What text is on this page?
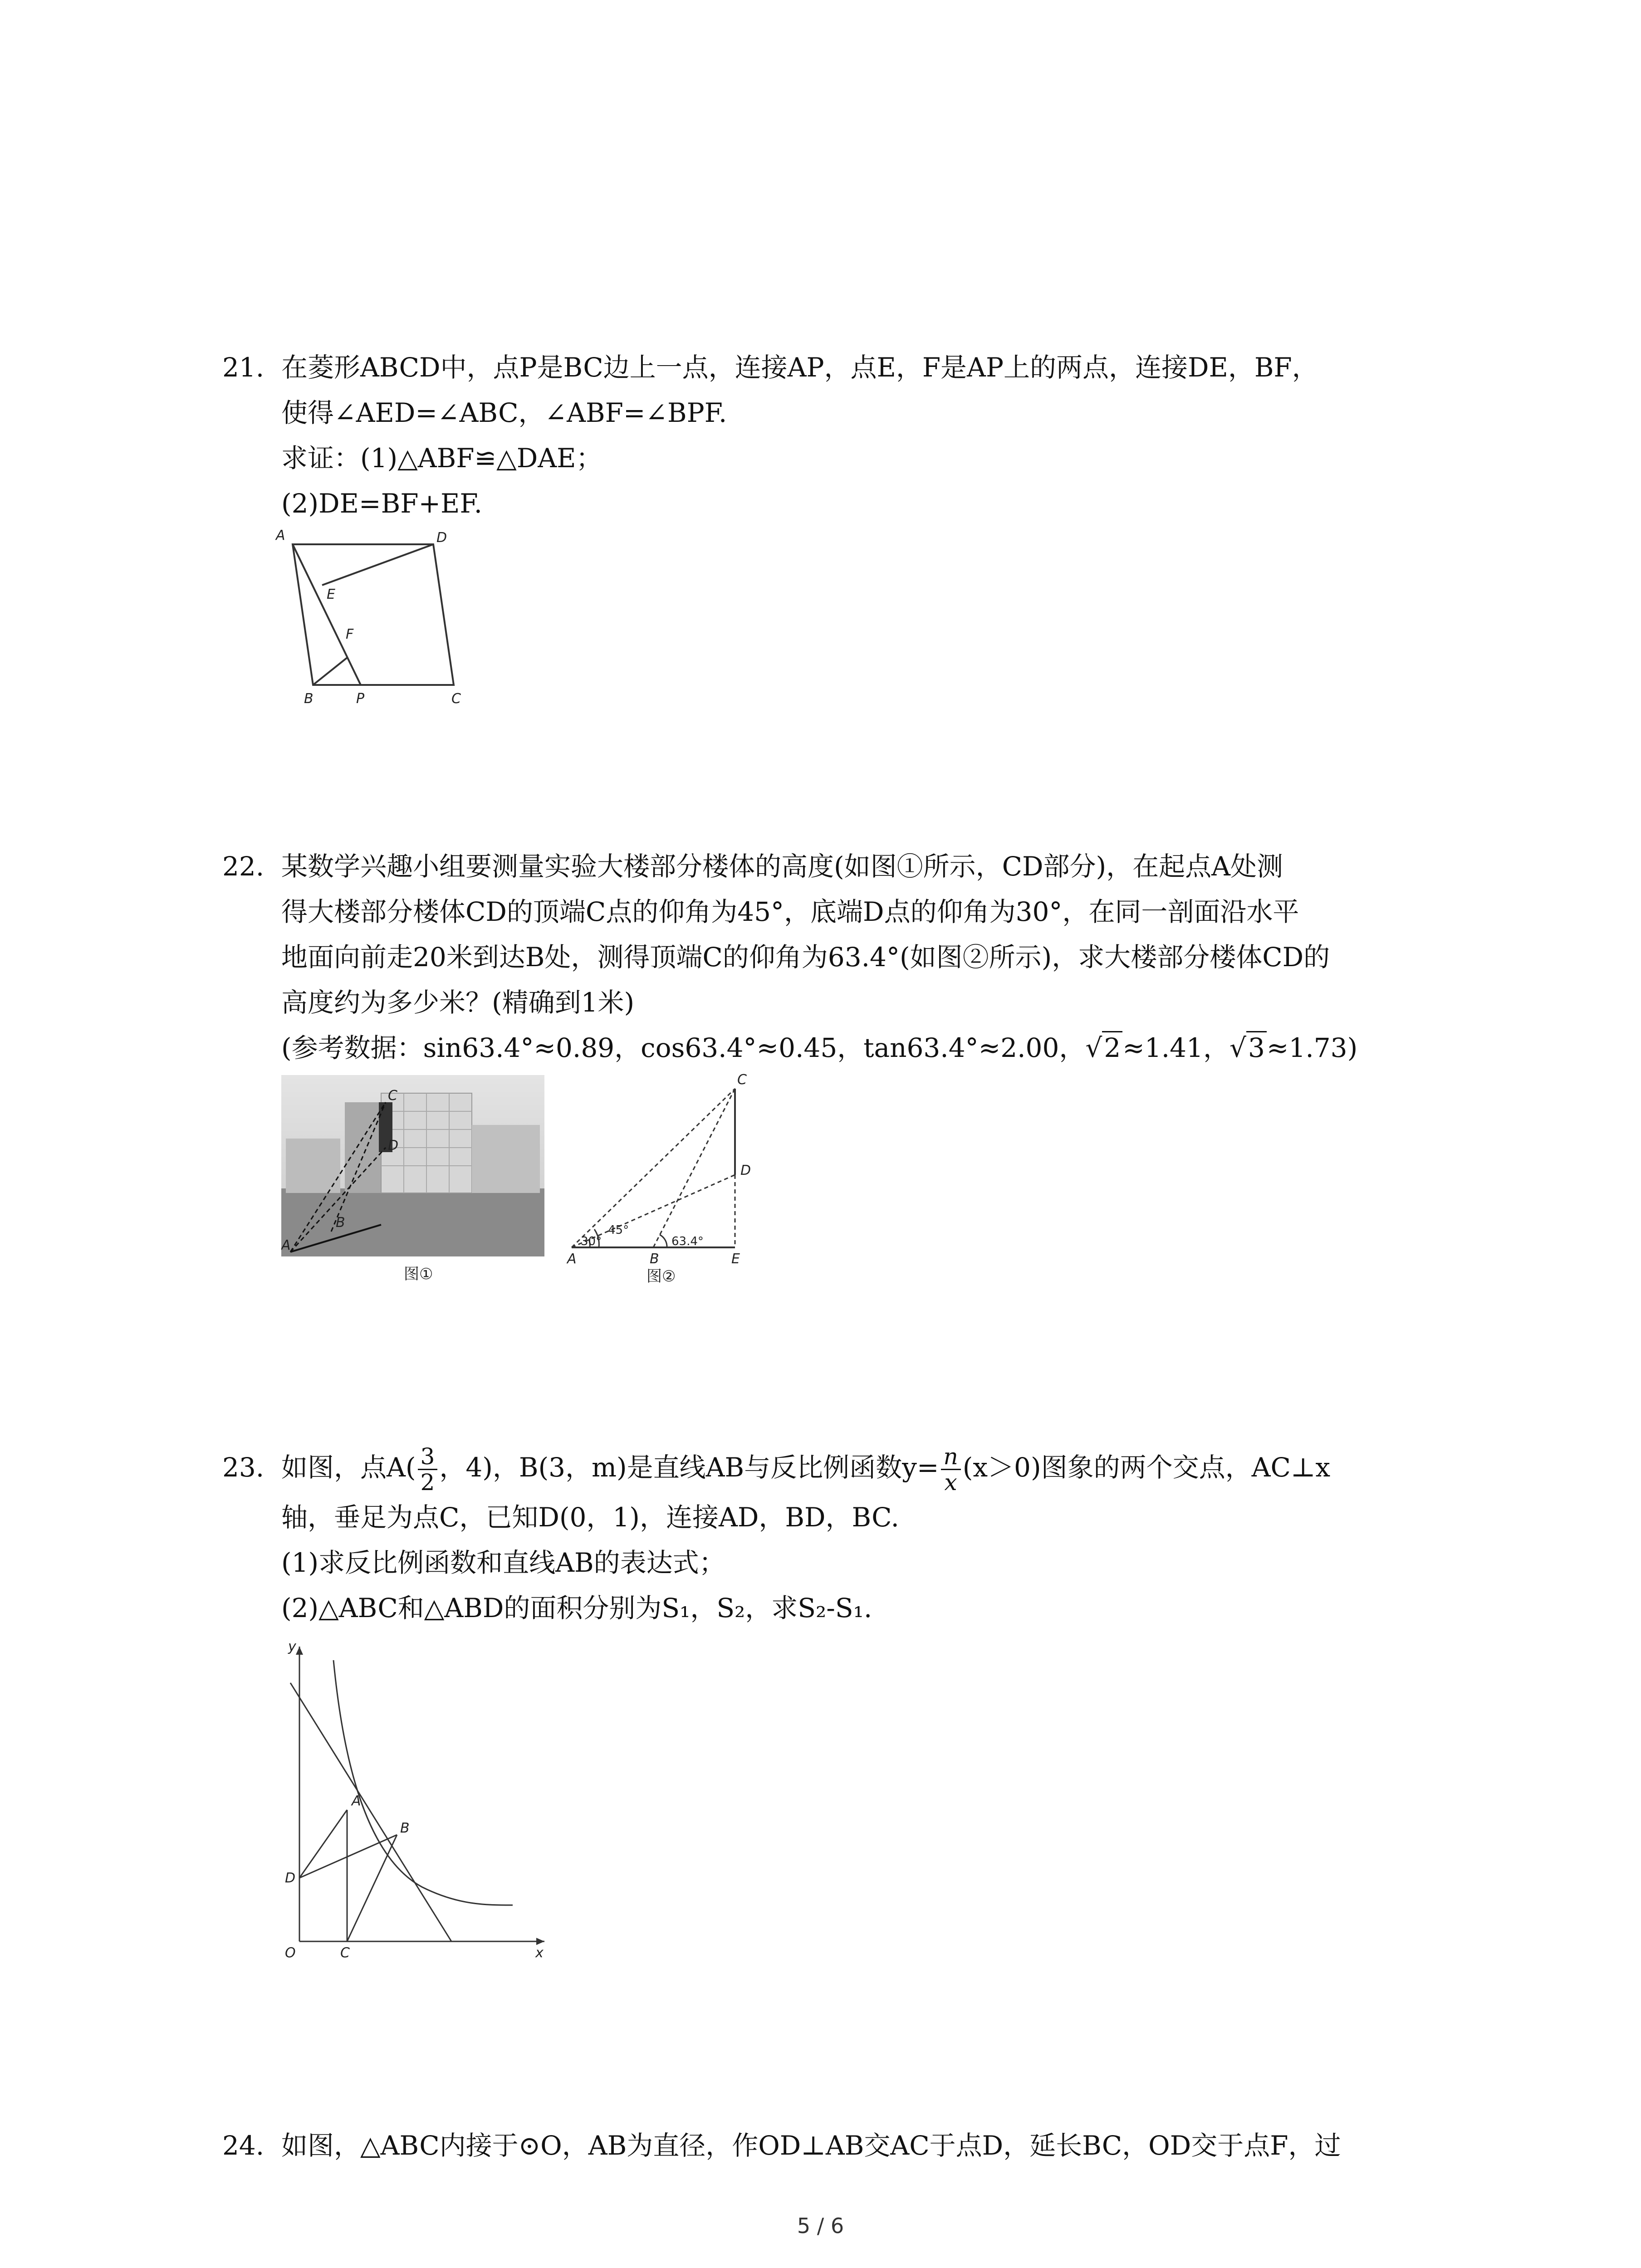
21. 在菱形ABCD中，点P是BC边上一点，连接AP，点E，F是AP上的两点，连接DE，BF，
使得∠AED=∠ABC，∠ABF=∠BPF.
求证：(1)△ABF≌△DAE；
(2)DE=BF+EF.
A	D
E
F
B	P	C
22. 某数学兴趣小组要测量实验大楼部分楼体的高度(如图①所示，CD部分)，在起点A处测
得大楼部分楼体CD的顶端C点的仰角为45°，底端D点的仰角为30°，在同一剖面沿水平
地面向前走20米到达B处，测得顶端C的仰角为63.4°(如图②所示)，求大楼部分楼体CD的
高度约为多少米？(精确到1米)
(参考数据：sin63.4°≈0.89，cos63.4°≈0.45，tan63.4°≈2.00，√2≈1.41，√3≈1.73)
C
D
A
B
图①
C
D
A	B	E
30°
45°
63.4°
图②
23. 如图，点$A( \frac{3}{2}$ ，4)，B(3，m)是直线AB与反比例函数$y= \frac{n}{x} (x>0)$图象的两个交点，AC⊥x
轴，垂足为点C，已知D(0，1)，连接AD，BD，BC.
(1)求反比例函数和直线AB的表达式；
(2)△ABC和△ABD的面积分别为S₁，S₂，求S₂-S₁.
y
x
A
B
D
O	C
24. 如图，△ABC内接于⊙O，AB为直径，作OD⊥AB交AC于点D，延长BC，OD交于点F，过
5 / 6
